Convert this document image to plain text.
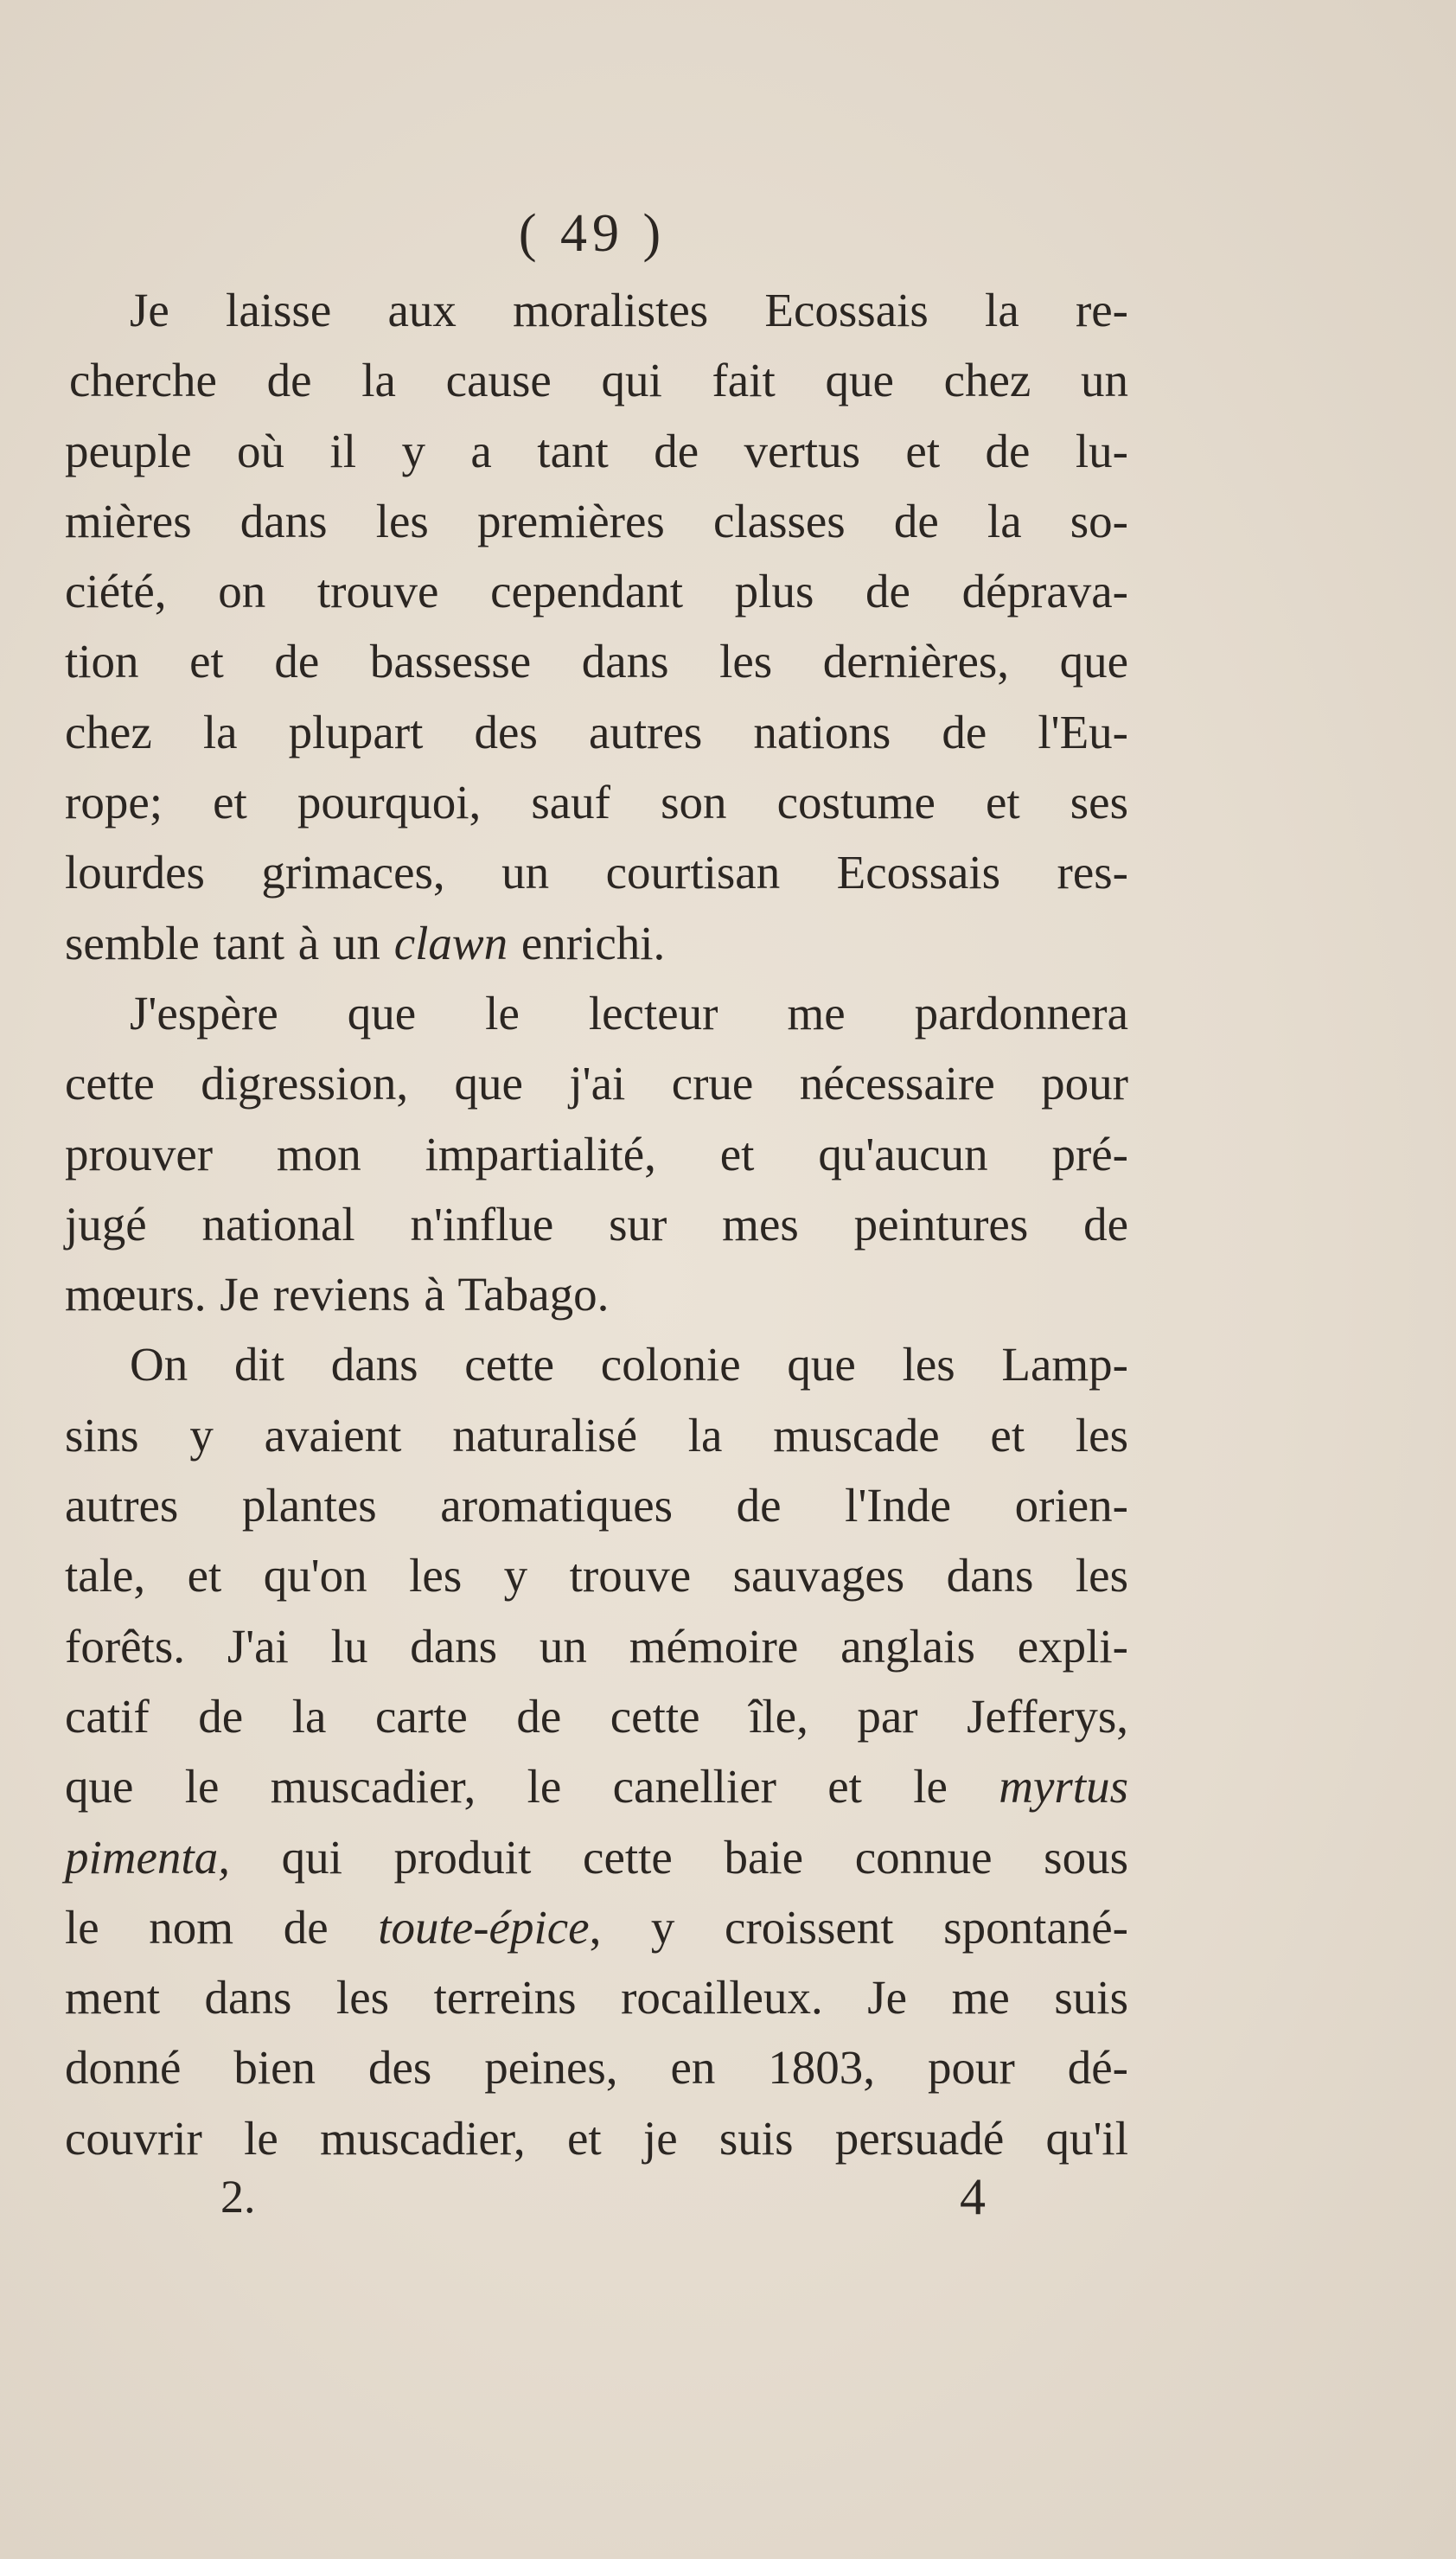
( 49 )
Je laisse aux moralistes Ecossais la re-
cherche de la cause qui fait que chez un
peuple où il y a tant de vertus et de lu-
mières dans les premières classes de la so-
ciété, on trouve cependant plus de déprava-
tion et de bassesse dans les dernières, que
chez la plupart des autres nations de l'Eu-
rope; et pourquoi, sauf son costume et ses
lourdes grimaces, un courtisan Ecossais res-
semble tant à un clawn enrichi.
J'espère que le lecteur me pardonnera
cette digression, que j'ai crue nécessaire pour
prouver mon impartialité, et qu'aucun pré-
jugé national n'influe sur mes peintures de
mœurs. Je reviens à Tabago.
On dit dans cette colonie que les Lamp-
sins y avaient naturalisé la muscade et les
autres plantes aromatiques de l'Inde orien-
tale, et qu'on les y trouve sauvages dans les
forêts. J'ai lu dans un mémoire anglais expli-
catif de la carte de cette île, par Jefferys,
que le muscadier, le canellier et le myrtus
pimenta, qui produit cette baie connue sous
le nom de toute-épice, y croissent spontané-
ment dans les terreins rocailleux. Je me suis
donné bien des peines, en 1803, pour dé-
couvrir le muscadier, et je suis persuadé qu'il
2.	4
